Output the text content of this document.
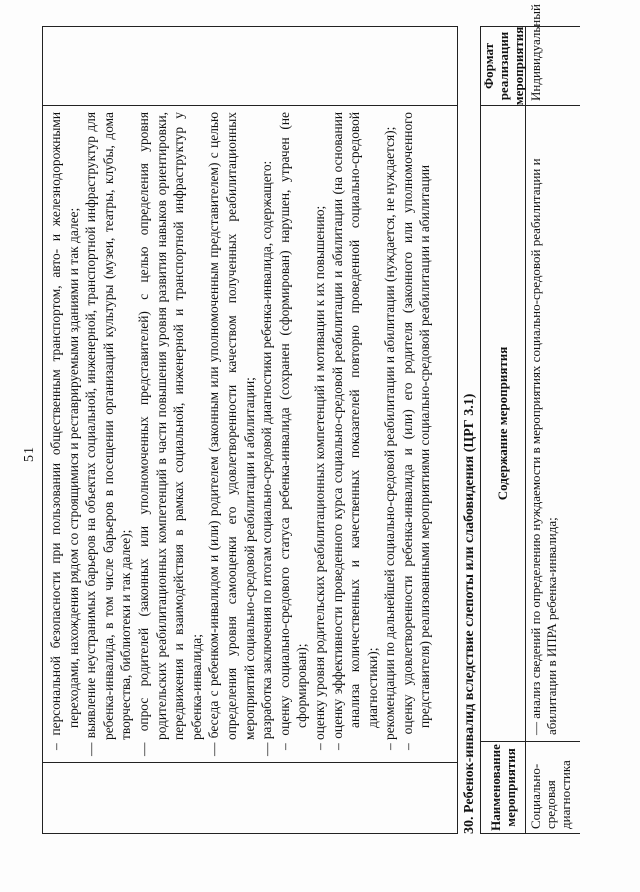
51 – персональной безопасности при пользовании общественным транспортом, авто- и железнодорожными переходами, нахождения рядом со строящимися и реставрируемыми зданиями и так далее; — выявление неустранимых барьеров на объектах социальной, инженерной, транспортной инфраструктур для ребенка-инвалида, в том числе барьеров в посещении организаций культуры (музеи, театры, клубы, дома творчества, библиотеки и так далее); — опрос родителей (законных или уполномоченных представителей) с целью определения уровня родительских реабилитационных компетенций в части повышения уровня развития навыков ориентировки, передвижения и взаимодействия в рамках социальной, инженерной и транспортной инфраструктур у ребенка-инвалида; — беседа с ребенком-инвалидом и (или) родителем (законным или уполномоченным представителем) с целью определения уровня самооценки его удовлетворенности качеством полученных реабилитационных мероприятий социально-средовой реабилитации и абилитации; — разработка заключения по итогам социально-средовой диагностики ребенка-инвалида, содержащего: – оценку социально-средового статуса ребенка-инвалида (сохранен (сформирован) нарушен, утрачен (не сформирован); – оценку уровня родительских реабилитационных компетенций и мотивации к их повышению; – оценку эффективности проведенного курса социально-средовой реабилитации и абилитации (на основании анализа количественных и качественных показателей повторно проведенной социально-средовой диагностики); – рекомендации по дальнейшей социально-средовой реабилитации и абилитации (нуждается, не нуждается); – оценку удовлетворенности ребенка-инвалида и (или) его родителя (законного или уполномоченного представителя) реализованными мероприятиями социально-средовой реабилитации и абилитации 30. Ребенок-инвалид вследствие слепоты или слабовидения (ЦРГ 3.1) Наименование мероприятия
Содержание мероприятия
Формат реализации мероприятия
Социально-средовая диагностика
— анализ сведений по определению нуждаемости в мероприятиях социально-средовой реабилитации и абилитации в ИПРА ребенка-инвалида;
Индивидуальный
